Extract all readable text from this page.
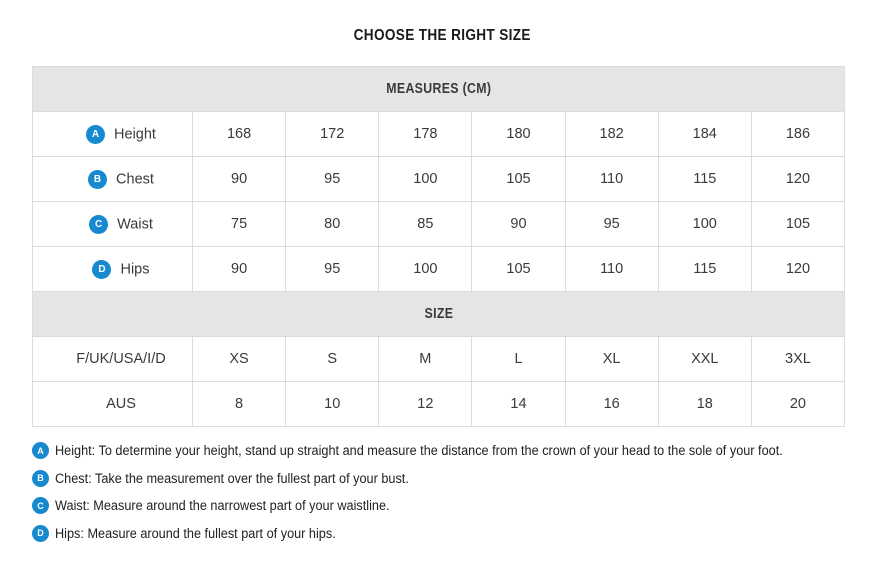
CHOOSE THE RIGHT SIZE
MEASURES (CM)							
A Height	168	172	178	180	182	184	186
B Chest	90	95	100	105	110	115	120
C Waist	75	80	85	90	95	100	105
D Hips	90	95	100	105	110	115	120
SIZE							
F/UK/USA/I/D	XS	S	M	L	XL	XXL	3XL
AUS	8	10	12	14	16	18	20
A Height: To determine your height, stand up straight and measure the distance from the crown of your head to the sole of your foot.
B Chest: Take the measurement over the fullest part of your bust.
C Waist: Measure around the narrowest part of your waistline.
D Hips: Measure around the fullest part of your hips.
